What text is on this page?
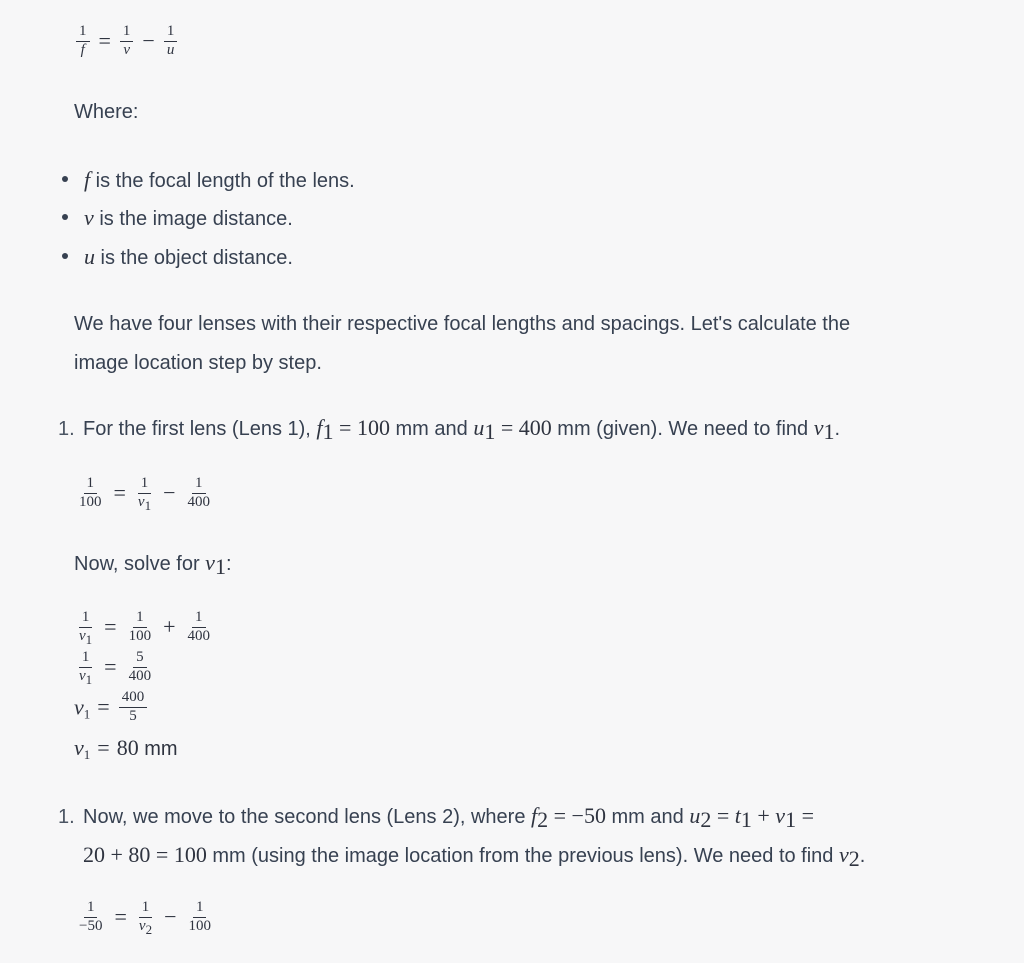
$\frac{1}{f} = \frac{1}{v} - \frac{1}{u}$
Where:
f is the focal length of the lens.
v is the image distance.
u is the object distance.
We have four lenses with their respective focal lengths and spacings. Let's calculate the
image location step by step.
1. For the first lens (Lens 1), $f_1 = 100$ mm and $u_1 = 400$ mm (given). We need to find $v_1$.
$\frac{1}{100} = \frac{1}{v_1} - \frac{1}{400}$
Now, solve for $v_1$:
$\frac{1}{v_1} = \frac{1}{100} + \frac{1}{400}$
$\frac{1}{v_1} = \frac{5}{400}$
$v_1 = \frac{400}{5}$
$v_1 = 80$ mm
1. Now, we move to the second lens (Lens 2), where $f_2 = -50$ mm and $u_2 = t_1 + v_1$ =
20 + 80 = 100 mm (using the image location from the previous lens). We need to find $v_2$.
$\frac{1}{-50} = \frac{1}{v_2} - \frac{1}{100}$
